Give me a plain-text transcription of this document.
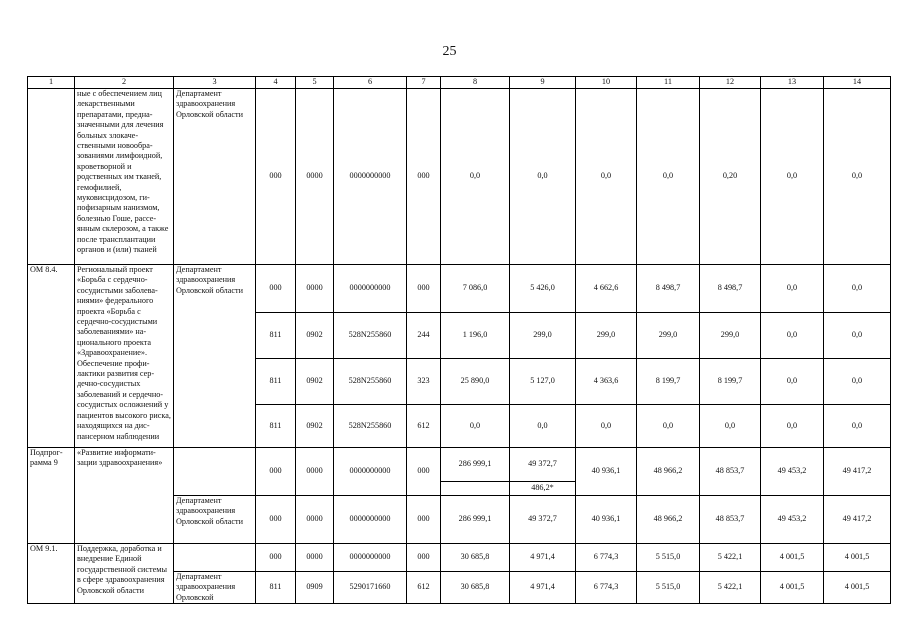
25
1	2	3	4	5	6	7	8	9	10	11	12	13	14
	ные с обеспечением лиц лекарственными препаратами, предназначенными для лечения больных злокачественными новообразованиями лимфоидной, кроветворной и родственных им тканей, гемофилией, муковисцидозом, гипофизарным нанизмом, болезнью Гоше, рассеянным склерозом, а также после трансплантации органов и (или) тканей	Департамент здравоохранения Орловской области	000	0000	0000000000	000	0,0	0,0	0,0	0,0	0,20	0,0	0,0
ОМ 8.4.	Региональный проект «Борьба с сердечно-сосудистыми заболеваниями» федерального проекта «Борьба с сердечно-сосудистыми заболеваниями» национального проекта «Здравоохранение». Обеспечение профилактики развития сердечно-сосудистых заболеваний и сердечно-сосудистых осложнений у пациентов высокого риска, находящихся на диспансерном наблюдении	Департамент здравоохранения Орловской области	000	0000	0000000000	000	7 086,0	5 426,0	4 662,6	8 498,7	8 498,7	0,0	0,0
			811	0902	528N255860	244	1 196,0	299,0	299,0	299,0	299,0	0,0	0,0
			811	0902	528N255860	323	25 890,0	5 127,0	4 363,6	8 199,7	8 199,7	0,0	0,0
			811	0902	528N255860	612	0,0	0,0	0,0	0,0	0,0	0,0	0,0
Подпрограмма 9	«Развитие информатизации здравоохранения»		000	0000	0000000000	000	286 999,1	49 372,7	40 936,1	48 966,2	48 853,7	49 453,2	49 417,2
								486,2*					
		Департамент здравоохранения Орловской области	000	0000	0000000000	000	286 999,1	49 372,7	40 936,1	48 966,2	48 853,7	49 453,2	49 417,2
ОМ 9.1.	Поддержка, доработка и внедрение Единой государственной системы в сфере здравоохранения Орловской области		000	0000	0000000000	000	30 685,8	4 971,4	6 774,3	5 515,0	5 422,1	4 001,5	4 001,5
		Департамент здравоохранения Орловской	811	0909	5290171660	612	30 685,8	4 971,4	6 774,3	5 515,0	5 422,1	4 001,5	4 001,5
